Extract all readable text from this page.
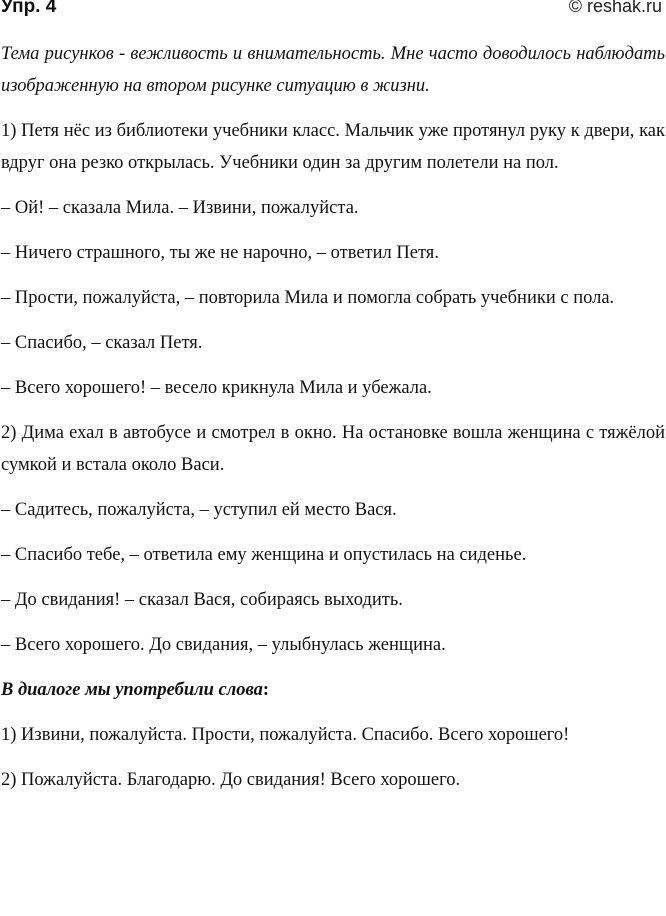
Упр. 4	© reshak.ru

Тема рисунков - вежливость и внимательность. Мне часто доводилось наблюдать изображенную на втором рисунке ситуацию в жизни.

1) Петя нёс из библиотеки учебники класс. Мальчик уже протянул руку к двери, как вдруг она резко открылась. Учебники один за другим полетели на пол.

– Ой! – сказала Мила. – Извини, пожалуйста.

– Ничего страшного, ты же не нарочно, – ответил Петя.

– Прости, пожалуйста, – повторила Мила и помогла собрать учебники с пола.

– Спасибо, – сказал Петя.

– Всего хорошего! – весело крикнула Мила и убежала.

2) Дима ехал в автобусе и смотрел в окно. На остановке вошла женщина с тяжёлой сумкой и встала около Васи.

– Садитесь, пожалуйста, – уступил ей место Вася.

– Спасибо тебе, – ответила ему женщина и опустилась на сиденье.

– До свидания! – сказал Вася, собираясь выходить.

– Всего хорошего. До свидания, – улыбнулась женщина.

В диалоге мы употребили слова:

1) Извини, пожалуйста. Прости, пожалуйста. Спасибо. Всего хорошего!

2) Пожалуйста. Благодарю. До свидания! Всего хорошего.
